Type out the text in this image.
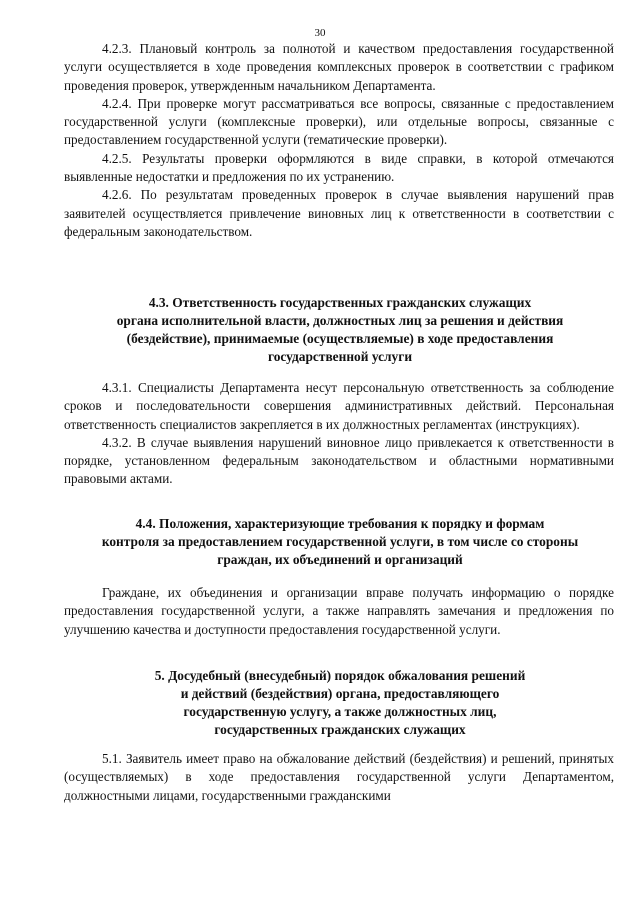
30

4.2.3. Плановый контроль за полнотой и качеством предоставления государственной услуги осуществляется в ходе проведения комплексных проверок в соответствии с графиком проведения проверок, утвержденным начальником Департамента.

4.2.4. При проверке могут рассматриваться все вопросы, связанные с предоставлением государственной услуги (комплексные проверки), или отдельные вопросы, связанные с предоставлением государственной услуги (тематические проверки).

4.2.5. Результаты проверки оформляются в виде справки, в которой отмечаются выявленные недостатки и предложения по их устранению.

4.2.6. По результатам проведенных проверок в случае выявления нарушений прав заявителей осуществляется привлечение виновных лиц к ответственности в соответствии с федеральным законодательством.

4.3. Ответственность государственных гражданских служащих
органа исполнительной власти, должностных лиц за решения и действия
(бездействие), принимаемые (осуществляемые) в ходе предоставления
государственной услуги

4.3.1. Специалисты Департамента несут персональную ответственность за соблюдение сроков и последовательности совершения административных действий. Персональная ответственность специалистов закрепляется в их должностных регламентах (инструкциях).

4.3.2. В случае выявления нарушений виновное лицо привлекается к ответственности в порядке, установленном федеральным законодательством и областными нормативными правовыми актами.

4.4. Положения, характеризующие требования к порядку и формам
контроля за предоставлением государственной услуги, в том числе со стороны
граждан, их объединений и организаций

Граждане, их объединения и организации вправе получать информацию о порядке предоставления государственной услуги, а также направлять замечания и предложения по улучшению качества и доступности предоставления государственной услуги.

5. Досудебный (внесудебный) порядок обжалования решений
и действий (бездействия) органа, предоставляющего
государственную услугу, а также должностных лиц,
государственных гражданских служащих

5.1. Заявитель имеет право на обжалование действий (бездействия) и решений, принятых (осуществляемых) в ходе предоставления государственной услуги Департаментом, должностными лицами, государственными гражданскими
